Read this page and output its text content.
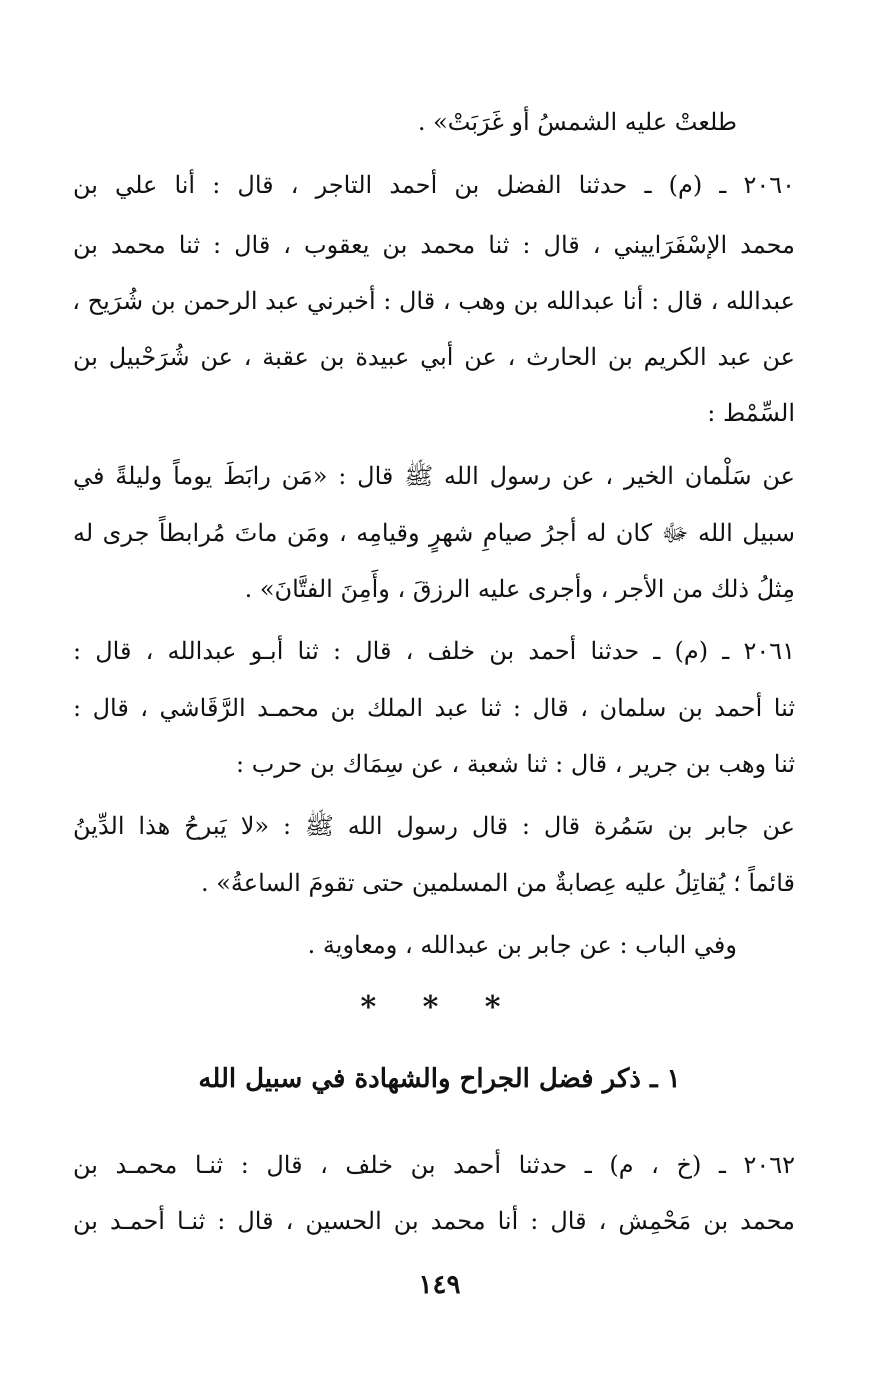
طلعتْ عليه الشمسُ أو غَرَبَتْ» .
٢٠٦٠ ـ (م) ـ حدثنا الفضل بن أحمد التاجر ، قال : أنا علي بن
محمد الإسْفَرَاييني ، قال : ثنا محمد بن يعقوب ، قال : ثنا محمد بن
عبدالله ، قال : أنا عبدالله بن وهب ، قال : أخبرني عبد الرحمن بن شُرَيح ،
عن عبد الكريم بن الحارث ، عن أبي عبيدة بن عقبة ، عن شُرَحْبيل بن
السِّمْط :
عن سَلْمان الخير ، عن رسول الله ﷺ قال : «مَن رابَطَ يوماً وليلةً في
سبيل الله ﷻ كان له أجرُ صيامِ شهرٍ وقيامِه ، ومَن ماتَ مُرابطاً جرى له
مِثلُ ذلك من الأجر ، وأجرى عليه الرزقَ ، وأَمِنَ الفتَّانَ» .
٢٠٦١ ـ (م) ـ حدثنا أحمد بن خلف ، قال : ثنا أبـو عبدالله ، قال :
ثنا أحمد بن سلمان ، قال : ثنا عبد الملك بن محمـد الرَّقَاشي ، قال :
ثنا وهب بن جرير ، قال : ثنا شعبة ، عن سِمَاك بن حرب :
عن جابر بن سَمُرة قال : قال رسول الله ﷺ : «لا يَبرحُ هذا الدِّينُ
قائماً ؛ يُقاتِلُ عليه عِصابةٌ من المسلمين حتى تقومَ الساعةُ» .
وفي الباب : عن جابر بن عبدالله ، ومعاوية .
* * *
١ ـ ذكر فضل الجراح والشهادة في سبيل الله
٢٠٦٢ ـ (خ ، م) ـ حدثنا أحمد بن خلف ، قال : ثنـا محمـد بن
محمد بن مَحْمِش ، قال : أنا محمد بن الحسين ، قال : ثنـا أحمـد بن
١٤٩
